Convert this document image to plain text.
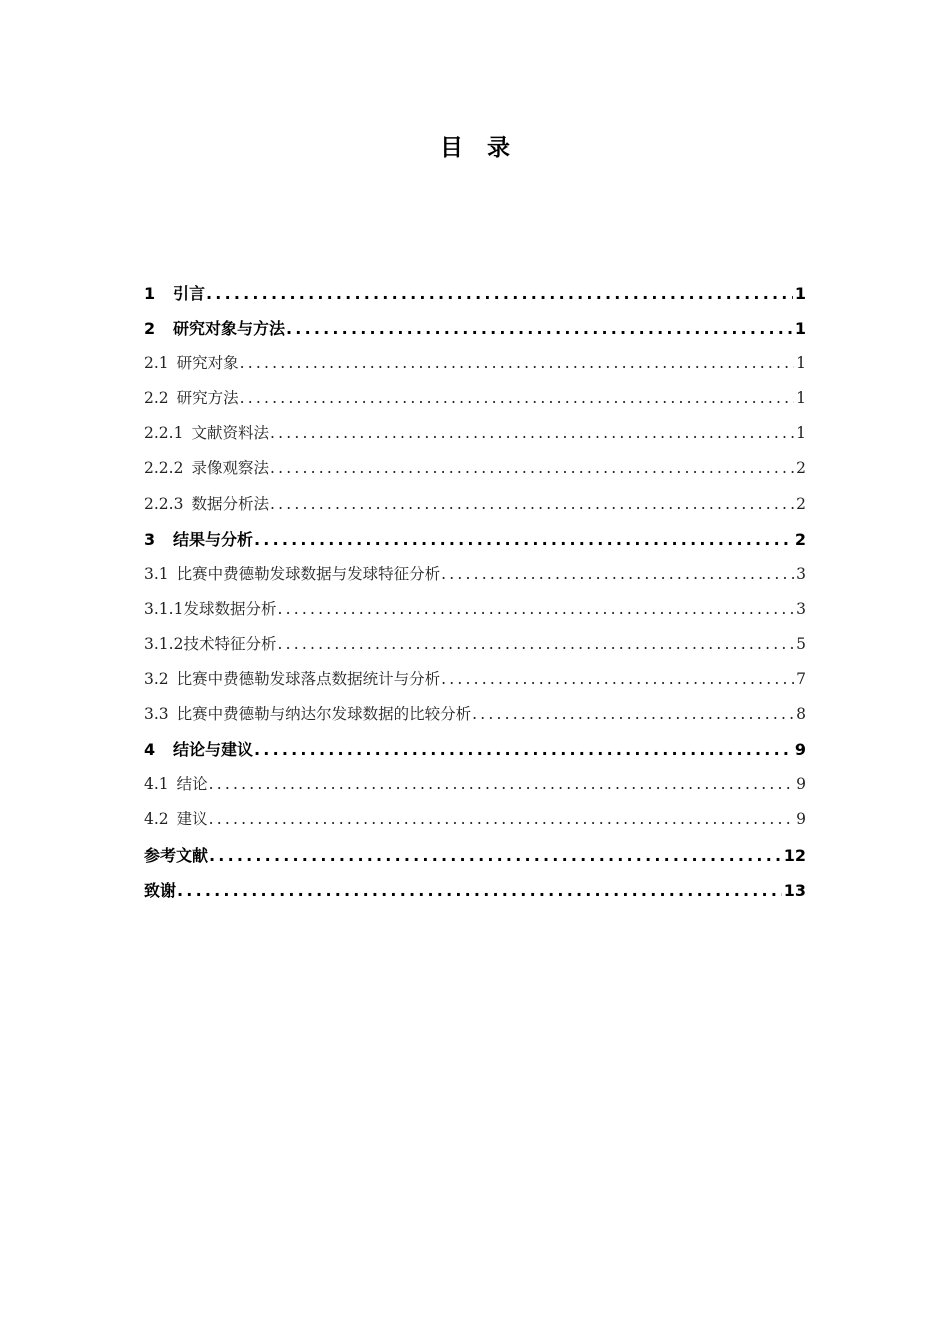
目 录
1	引言 .....	1
2	研究对象与方法 .....	1
2.1 研究对象 .....	1
2.2 研究方法 .....	1
2.2.1 文献资料法 .....	1
2.2.2 录像观察法 .....	2
2.2.3 数据分析法 .....	2
3	结果与分析 .....	2
3.1 比赛中费德勒发球数据与发球特征分析 .....	3
3.1.1 发球数据分析 .....	3
3.1.2 技术特征分析 .....	5
3.2 比赛中费德勒发球落点数据统计与分析 .....	7
3.3 比赛中费德勒与纳达尔发球数据的比较分析 .....	8
4	结论与建议 .....	9
4.1 结论 .....	9
4.2 建议 .....	9
参考文献 .....	12
致谢 .....	13
